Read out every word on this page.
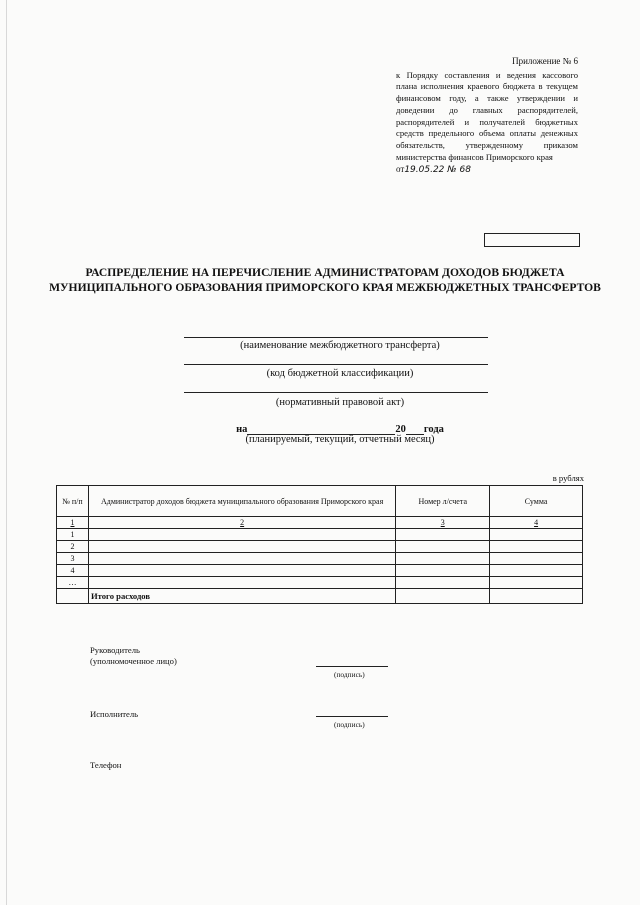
Приложение № 6
к Порядку составления и ведения кассового плана исполнения краевого бюджета в текущем финансовом году, а также утверждении и доведении до главных распорядителей, распорядителей и получателей бюджетных средств предельного объема оплаты денежных обязательств, утвержденному приказом министерства финансов Приморского края
от19.05.22 № 68
РАСПРЕДЕЛЕНИЕ НА ПЕРЕЧИСЛЕНИЕ АДМИНИСТРАТОРАМ ДОХОДОВ БЮДЖЕТА МУНИЦИПАЛЬНОГО ОБРАЗОВАНИЯ ПРИМОРСКОГО КРАЯ МЕЖБЮДЖЕТНЫХ ТРАНСФЕРТОВ
(наименование межбюджетного трансферта)
(код бюджетной классификации)
(нормативный правовой акт)
на	20 года
(планируемый, текущий, отчетный месяц)
в рублях
№ п/п	Администратор доходов бюджета муниципального образования Приморского края	Номер л/счета	Сумма
1	2	3	4
1			
2			
3			
4			
…			
	Итого расходов		
Руководитель
(уполномоченное лицо)
(подпись)
Исполнитель
(подпись)
Телефон
